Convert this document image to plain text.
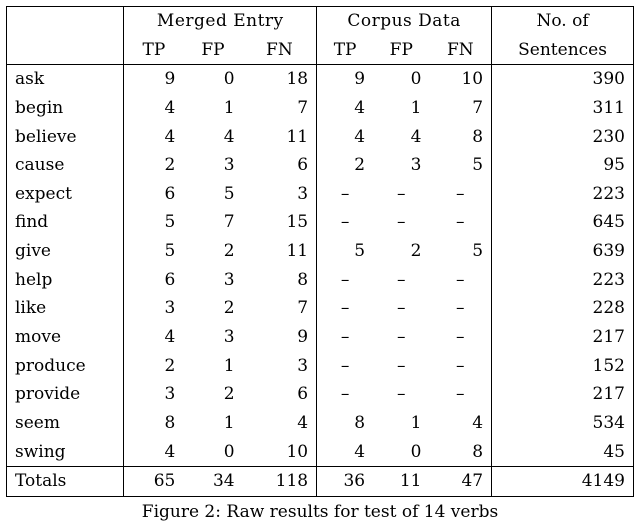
	Merged Entry			Corpus Data			No. of
	TP	FP	FN	TP	FP	FN	Sentences
ask	9	0	18	9	0	10	390
begin	4	1	7	4	1	7	311
believe	4	4	11	4	4	8	230
cause	2	3	6	2	3	5	95
expect	6	5	3	–	–	–	223
find	5	7	15	–	–	–	645
give	5	2	11	5	2	5	639
help	6	3	8	–	–	–	223
like	3	2	7	–	–	–	228
move	4	3	9	–	–	–	217
produce	2	1	3	–	–	–	152
provide	3	2	6	–	–	–	217
seem	8	1	4	8	1	4	534
swing	4	0	10	4	0	8	45
Totals	65	34	118	36	11	47	4149
Figure 2: Raw results for test of 14 verbs
